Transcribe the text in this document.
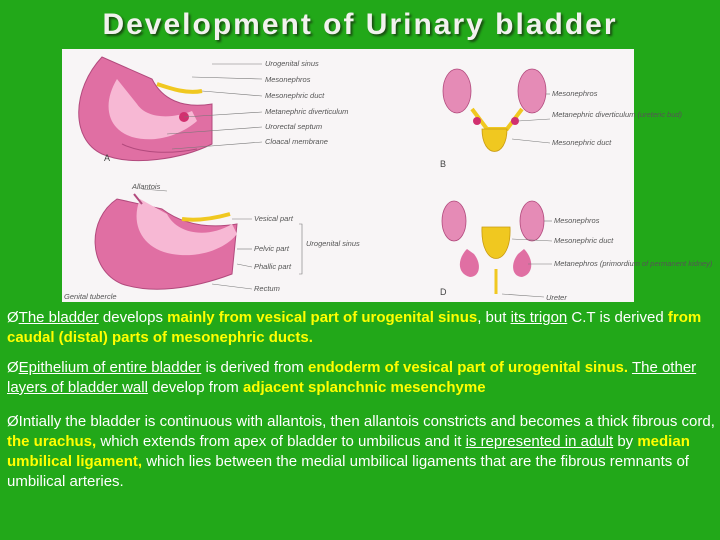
Development of Urinary bladder
Urogenital sinus
Mesonephros
Mesonephric duct
Metanephric diverticulum
Urorectal septum
Cloacal membrane
A
Allantois
Vesical part
Urogenital sinus
Pelvic part
Phallic part
Rectum
Genital tubercle
Mesonephros
Metanephric diverticulum (ureteric bud)
Mesonephric duct
B
Mesonephros
Mesonephric duct
Metanephros (primordium of permanent kidney)
Ureter
D

ØThe bladder develops mainly from vesical part of urogenital sinus, but its trigon C.T is derived from caudal (distal) parts of mesonephric ducts.

ØEpithelium of entire bladder is derived from endoderm of vesical part of urogenital sinus. The other layers of bladder wall develop from adjacent splanchnic mesenchyme

ØIntially the bladder is continuous with allantois, then allantois constricts and becomes a thick fibrous cord, the urachus, which extends from apex of bladder to umbilicus and it is represented in adult by median umbilical ligament, which lies between the medial umbilical ligaments that are the fibrous remnants of umbilical arteries.
